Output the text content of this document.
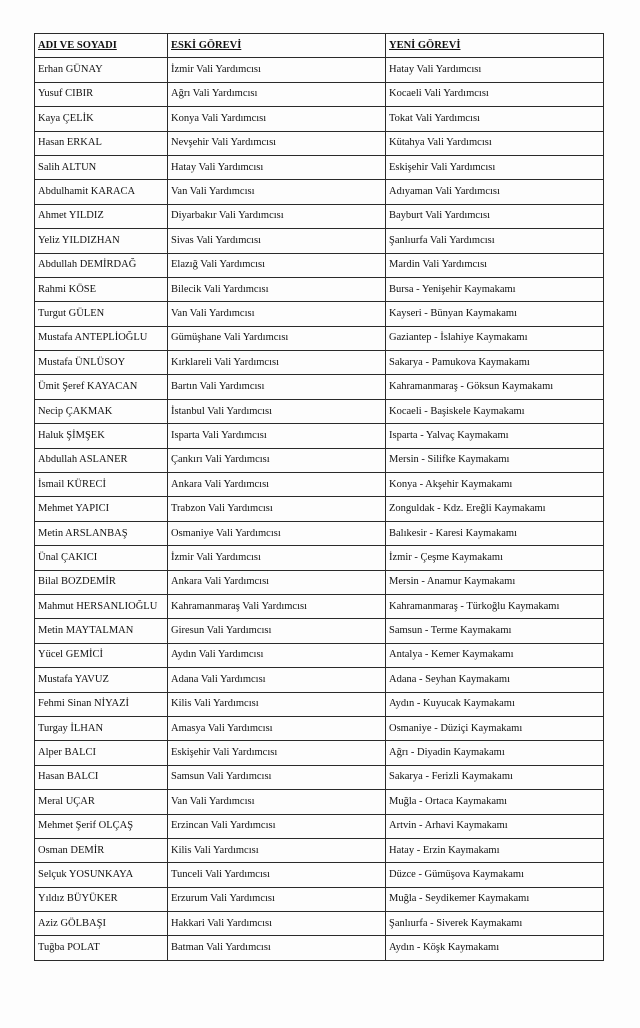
ADI VE SOYADI	ESKİ GÖREVİ	YENİ GÖREVİ
Erhan GÜNAY	İzmir Vali Yardımcısı	Hatay Vali Yardımcısı
Yusuf CIBIR	Ağrı Vali Yardımcısı	Kocaeli Vali Yardımcısı
Kaya ÇELİK	Konya Vali Yardımcısı	Tokat Vali Yardımcısı
Hasan ERKAL	Nevşehir Vali Yardımcısı	Kütahya Vali Yardımcısı
Salih ALTUN	Hatay Vali Yardımcısı	Eskişehir Vali Yardımcısı
Abdulhamit KARACA	Van Vali Yardımcısı	Adıyaman Vali Yardımcısı
Ahmet YILDIZ	Diyarbakır Vali Yardımcısı	Bayburt Vali Yardımcısı
Yeliz YILDIZHAN	Sivas Vali Yardımcısı	Şanlıurfa Vali Yardımcısı
Abdullah DEMİRDAĞ	Elazığ Vali Yardımcısı	Mardin Vali Yardımcısı
Rahmi KÖSE	Bilecik Vali Yardımcısı	Bursa - Yenişehir Kaymakamı
Turgut GÜLEN	Van Vali Yardımcısı	Kayseri - Bünyan Kaymakamı
Mustafa ANTEPLİOĞLU	Gümüşhane Vali Yardımcısı	Gaziantep - İslahiye Kaymakamı
Mustafa ÜNLÜSOY	Kırklareli Vali Yardımcısı	Sakarya - Pamukova Kaymakamı
Ümit Şeref KAYACAN	Bartın Vali Yardımcısı	Kahramanmaraş - Göksun Kaymakamı
Necip ÇAKMAK	İstanbul Vali Yardımcısı	Kocaeli - Başiskele Kaymakamı
Haluk ŞİMŞEK	Isparta Vali Yardımcısı	Isparta - Yalvaç Kaymakamı
Abdullah ASLANER	Çankırı Vali Yardımcısı	Mersin - Silifke Kaymakamı
İsmail KÜRECİ	Ankara Vali Yardımcısı	Konya - Akşehir Kaymakamı
Mehmet YAPICI	Trabzon Vali Yardımcısı	Zonguldak - Kdz. Ereğli Kaymakamı
Metin ARSLANBAŞ	Osmaniye Vali Yardımcısı	Balıkesir - Karesi Kaymakamı
Ünal ÇAKICI	İzmir Vali Yardımcısı	İzmir - Çeşme Kaymakamı
Bilal BOZDEMİR	Ankara Vali Yardımcısı	Mersin - Anamur Kaymakamı
Mahmut HERSANLIOĞLU	Kahramanmaraş Vali Yardımcısı	Kahramanmaraş - Türkoğlu Kaymakamı
Metin MAYTALMAN	Giresun Vali Yardımcısı	Samsun - Terme Kaymakamı
Yücel GEMİCİ	Aydın Vali Yardımcısı	Antalya - Kemer Kaymakamı
Mustafa YAVUZ	Adana Vali Yardımcısı	Adana - Seyhan Kaymakamı
Fehmi Sinan NİYAZİ	Kilis Vali Yardımcısı	Aydın - Kuyucak Kaymakamı
Turgay İLHAN	Amasya Vali Yardımcısı	Osmaniye - Düziçi Kaymakamı
Alper BALCI	Eskişehir Vali Yardımcısı	Ağrı - Diyadin Kaymakamı
Hasan BALCI	Samsun Vali Yardımcısı	Sakarya - Ferizli Kaymakamı
Meral UÇAR	Van Vali Yardımcısı	Muğla - Ortaca Kaymakamı
Mehmet Şerif OLÇAŞ	Erzincan Vali Yardımcısı	Artvin - Arhavi Kaymakamı
Osman DEMİR	Kilis Vali Yardımcısı	Hatay - Erzin Kaymakamı
Selçuk YOSUNKAYA	Tunceli Vali Yardımcısı	Düzce - Gümüşova Kaymakamı
Yıldız BÜYÜKER	Erzurum Vali Yardımcısı	Muğla - Seydikemer Kaymakamı
Aziz GÖLBAŞI	Hakkari Vali Yardımcısı	Şanlıurfa - Siverek Kaymakamı
Tuğba POLAT	Batman Vali Yardımcısı	Aydın - Köşk Kaymakamı
